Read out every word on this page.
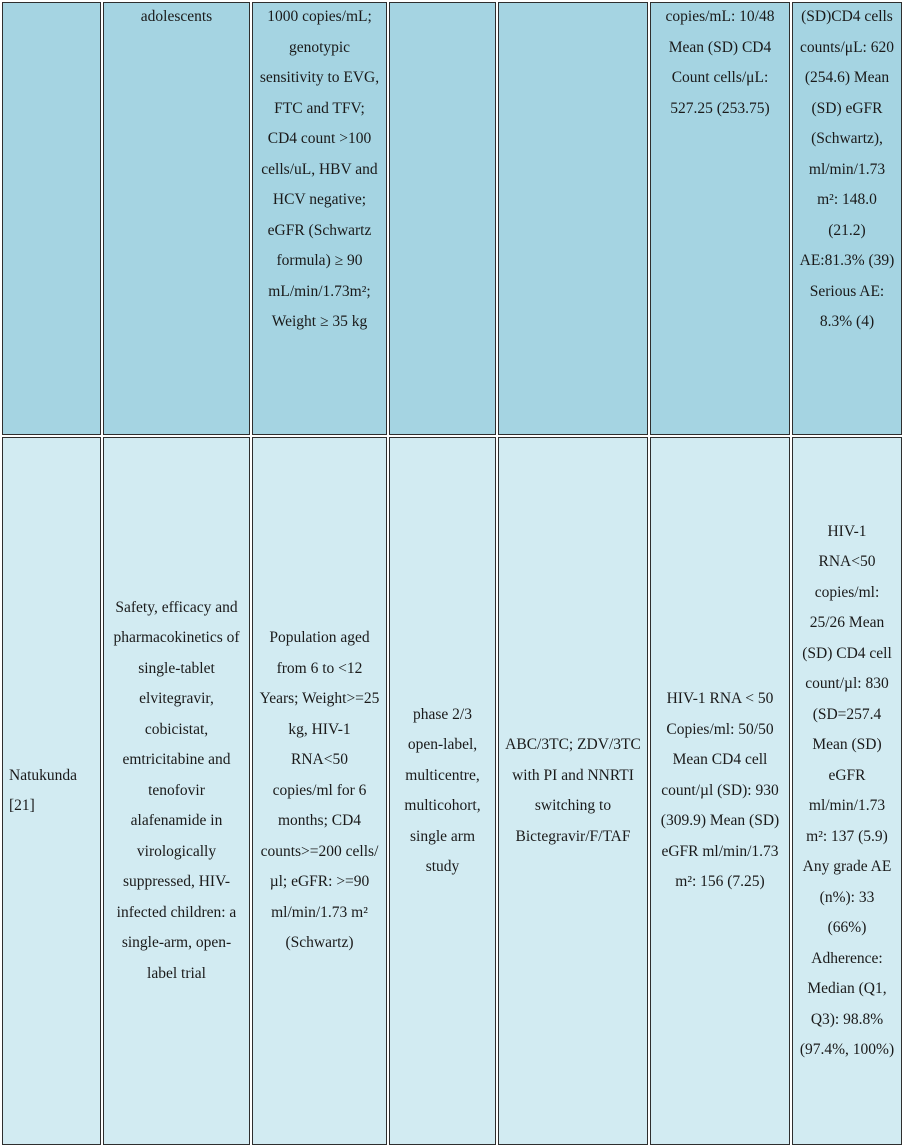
	adolescents	1000 copies/mL; genotypic sensitivity to EVG, FTC and TFV; CD4 count >100 cells/uL, HBV and HCV negative; eGFR (Schwartz formula) ≥ 90 mL/min/1.73m²; Weight ≥ 35 kg			copies/mL: 10/48 Mean (SD) CD4 Count cells/μL: 527.25 (253.75)	(SD)CD4 cells counts/μL: 620 (254.6) Mean (SD) eGFR (Schwartz), ml/min/1.73 m²: 148.0 (21.2) AE:81.3% (39) Serious AE: 8.3% (4)

Natukunda [21]	Safety, efficacy and pharmacokinetics of single-tablet elvitegravir, cobicistat, emtricitabine and tenofovir alafenamide in virologically suppressed, HIV-infected children: a single-arm, open-label trial	Population aged from 6 to <12 Years; Weight>=25 kg, HIV-1 RNA<50 copies/ml for 6 months; CD4 counts>=200 cells/µl; eGFR: >=90 ml/min/1.73 m² (Schwartz)	phase 2/3 open-label, multicentre, multicohort, single arm study	ABC/3TC; ZDV/3TC with PI and NNRTI switching to Bictegravir/F/TAF	HIV-1 RNA < 50 Copies/ml: 50/50 Mean CD4 cell count/µl (SD): 930 (309.9) Mean (SD) eGFR ml/min/1.73 m²: 156 (7.25)	HIV-1 RNA<50 copies/ml: 25/26 Mean (SD) CD4 cell count/µl: 830 (SD=257.4 Mean (SD) eGFR ml/min/1.73 m²: 137 (5.9) Any grade AE (n%): 33 (66%) Adherence: Median (Q1, Q3): 98.8% (97.4%, 100%)
